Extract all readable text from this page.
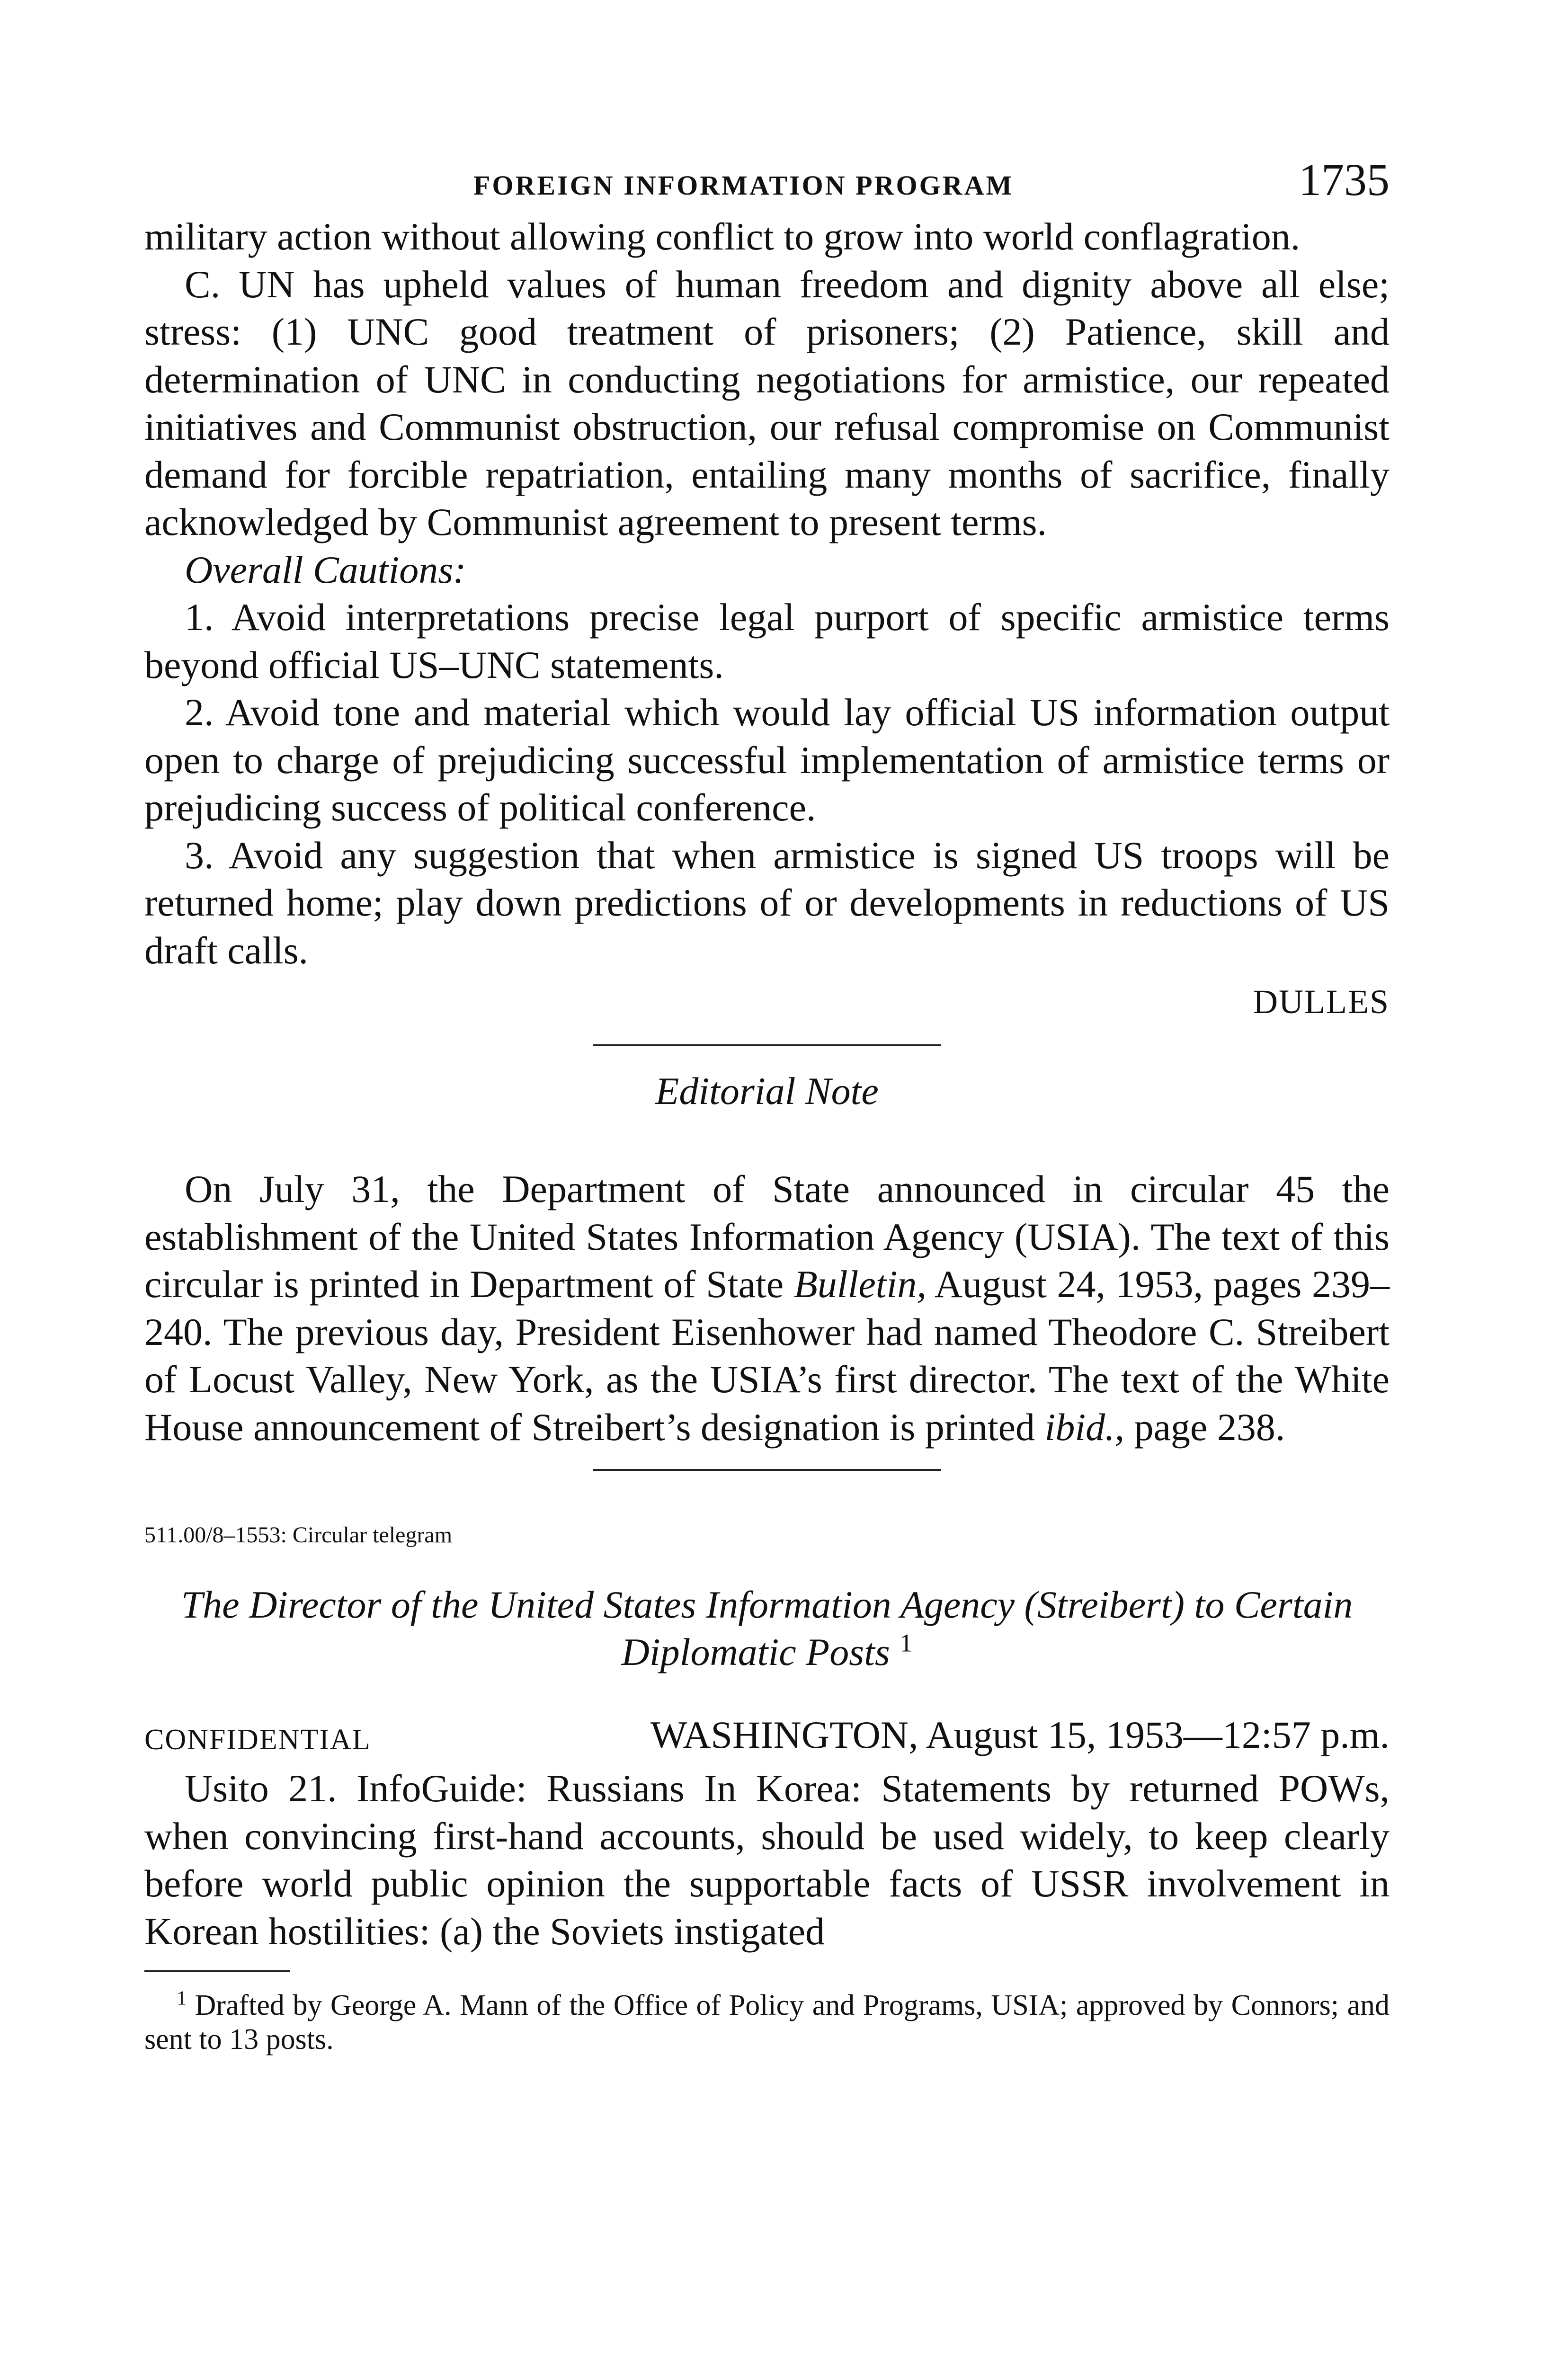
FOREIGN INFORMATION PROGRAM	1735

military action without allowing conflict to grow into world conflagration.

C. UN has upheld values of human freedom and dignity above all else; stress: (1) UNC good treatment of prisoners; (2) Patience, skill and determination of UNC in conducting negotiations for armistice, our repeated initiatives and Communist obstruction, our refusal compromise on Communist demand for forcible repatriation, entailing many months of sacrifice, finally acknowledged by Communist agreement to present terms.

Overall Cautions:

1. Avoid interpretations precise legal purport of specific armistice terms beyond official US–UNC statements.

2. Avoid tone and material which would lay official US information output open to charge of prejudicing successful implementation of armistice terms or prejudicing success of political conference.

3. Avoid any suggestion that when armistice is signed US troops will be returned home; play down predictions of or developments in reductions of US draft calls.

DULLES
Editorial Note

On July 31, the Department of State announced in circular 45 the establishment of the United States Information Agency (USIA). The text of this circular is printed in Department of State Bulletin, August 24, 1953, pages 239–240. The previous day, President Eisenhower had named Theodore C. Streibert of Locust Valley, New York, as the USIA’s first director. The text of the White House announcement of Streibert’s designation is printed ibid., page 238.

511.00/8–1553: Circular telegram
The Director of the United States Information Agency (Streibert) to Certain Diplomatic Posts $^1$
CONFIDENTIAL	WASHINGTON, August 15, 1953—12:57 p.m.

Usito 21. InfoGuide: Russians In Korea: Statements by returned POWs, when convincing first-hand accounts, should be used widely, to keep clearly before world public opinion the supportable facts of USSR involvement in Korean hostilities: (a) the Soviets instigated

$^1$ Drafted by George A. Mann of the Office of Policy and Programs, USIA; approved by Connors; and sent to 13 posts.
